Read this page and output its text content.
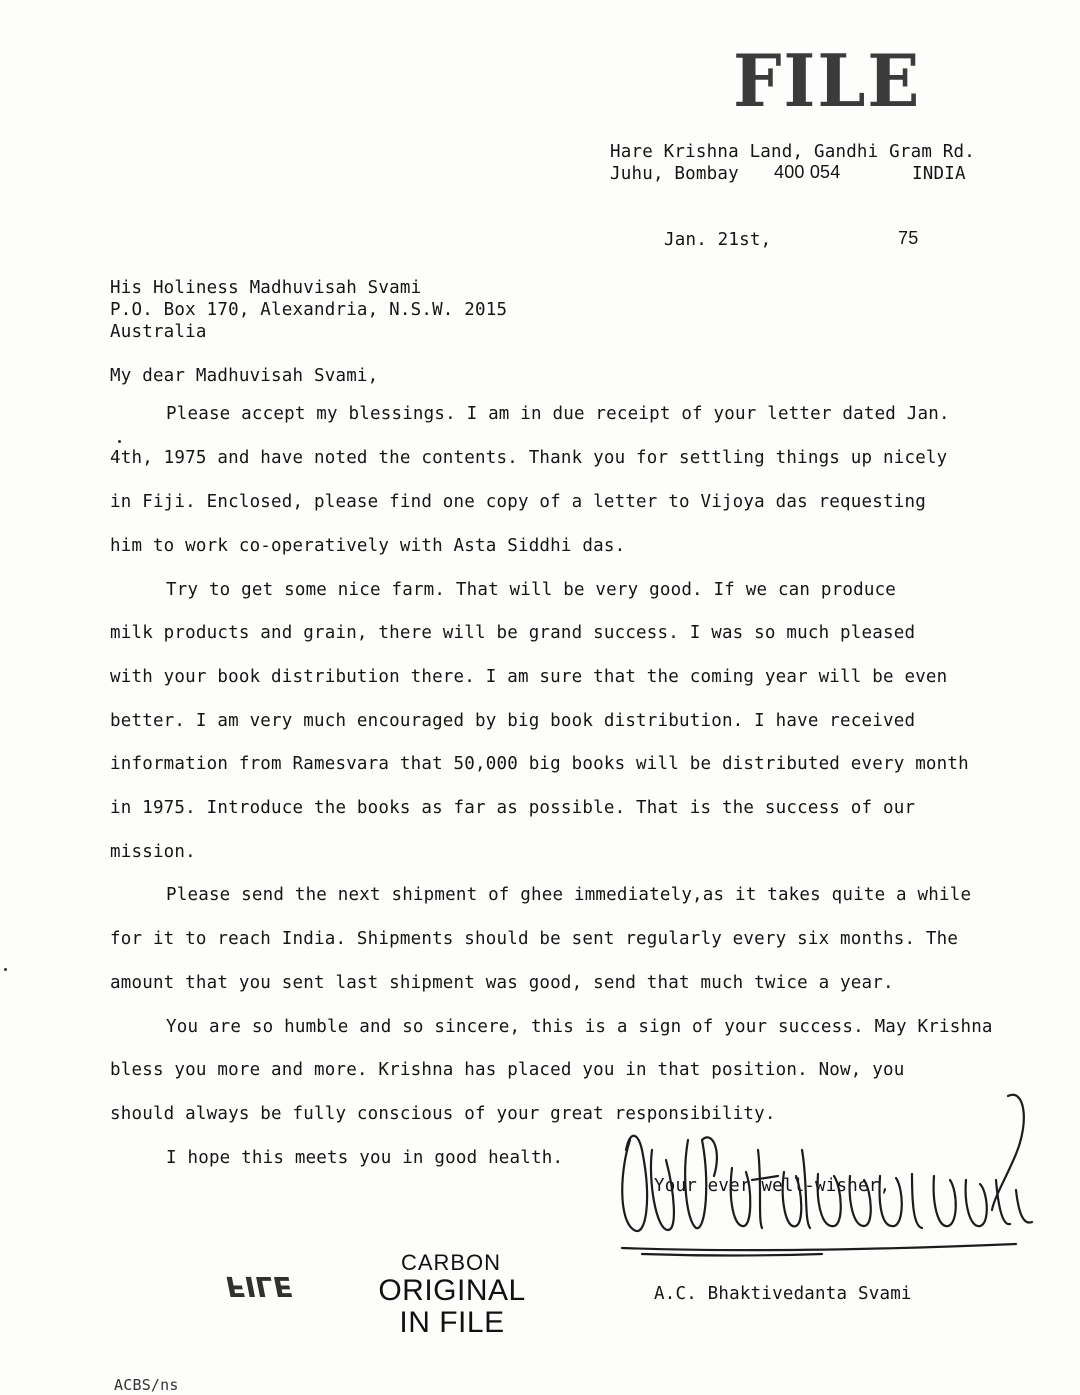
FILE
Hare Krishna Land, Gandhi Gram Rd.
Juhu, Bombay 400 054	INDIA
Jan. 21st,	75
His Holiness Madhuvisah Svami
P.O. Box 170, Alexandria, N.S.W. 2015
Australia
My dear Madhuvisah Svami,
Please accept my blessings. I am in due receipt of your letter dated Jan.
4th, 1975 and have noted the contents. Thank you for settling things up nicely
in Fiji. Enclosed, please find one copy of a letter to Vijoya das requesting
him to work co-operatively with Asta Siddhi das.
Try to get some nice farm. That will be very good. If we can produce
milk products and grain, there will be grand success. I was so much pleased
with your book distribution there. I am sure that the coming year will be even
better. I am very much encouraged by big book distribution. I have received
information from Ramesvara that 50,000 big books will be distributed every month
in 1975. Introduce the books as far as possible. That is the success of our
mission.
Please send the next shipment of ghee immediately,as it takes quite a while
for it to reach India. Shipments should be sent regularly every six months. The
amount that you sent last shipment was good, send that much twice a year.
You are so humble and so sincere, this is a sign of your success. May Krishna
bless you more and more. Krishna has placed you in that position. Now, you
should always be fully conscious of your great responsibility.
I hope this meets you in good health.
Your ever well-wisher,
A.C. Bhaktivedanta Svami
FILE
CARBON
ORIGINAL
IN FILE
ACBS/ns
